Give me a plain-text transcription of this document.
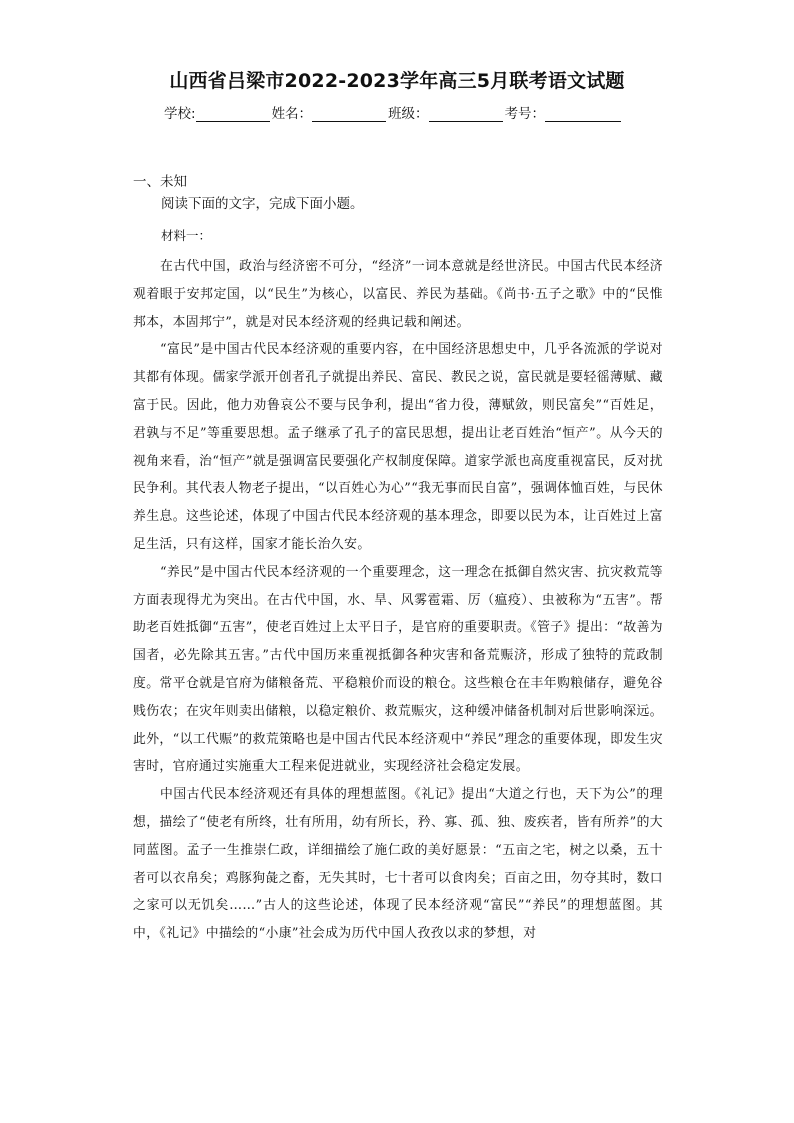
山西省吕梁市2022-2023学年高三5月联考语文试题
学校:	姓名：	班级：	考号：
一、未知
阅读下面的文字，完成下面小题。
材料一：

在古代中国，政治与经济密不可分，“经济”一词本意就是经世济民。中国古代民本经济观着眼于安邦定国，以“民生”为核心，以富民、养民为基础。《尚书·五子之歌》中的“民惟邦本，本固邦宁”，就是对民本经济观的经典记载和阐述。

“富民”是中国古代民本经济观的重要内容，在中国经济思想史中，几乎各流派的学说对其都有体现。儒家学派开创者孔子就提出养民、富民、教民之说，富民就是要轻徭薄赋、藏富于民。因此，他力劝鲁哀公不要与民争利，提出“省力役，薄赋敛，则民富矣”“百姓足，君孰与不足”等重要思想。孟子继承了孔子的富民思想，提出让老百姓治“恒产”。从今天的视角来看，治“恒产”就是强调富民要强化产权制度保障。道家学派也高度重视富民，反对扰民争利。其代表人物老子提出，“以百姓心为心”“我无事而民自富”，强调体恤百姓，与民休养生息。这些论述，体现了中国古代民本经济观的基本理念，即要以民为本，让百姓过上富足生活，只有这样，国家才能长治久安。

“养民”是中国古代民本经济观的一个重要理念，这一理念在抵御自然灾害、抗灾救荒等方面表现得尤为突出。在古代中国，水、旱、风雾雹霜、厉（瘟疫）、虫被称为“五害”。帮助老百姓抵御“五害”，使老百姓过上太平日子，是官府的重要职责。《管子》提出：“故善为国者，必先除其五害。”古代中国历来重视抵御各种灾害和备荒赈济，形成了独特的荒政制度。常平仓就是官府为储粮备荒、平稳粮价而设的粮仓。这些粮仓在丰年购粮储存，避免谷贱伤农；在灾年则卖出储粮，以稳定粮价、救荒赈灾，这种缓冲储备机制对后世影响深远。此外，“以工代赈”的救荒策略也是中国古代民本经济观中“养民”理念的重要体现，即发生灾害时，官府通过实施重大工程来促进就业，实现经济社会稳定发展。

中国古代民本经济观还有具体的理想蓝图。《礼记》提出“大道之行也，天下为公”的理想，描绘了“使老有所终，壮有所用，幼有所长，矜、寡、孤、独、废疾者，皆有所养”的大同蓝图。孟子一生推崇仁政，详细描绘了施仁政的美好愿景：“五亩之宅，树之以桑，五十者可以衣帛矣；鸡豚狗彘之畜，无失其时，七十者可以食肉矣；百亩之田，勿夺其时，数口之家可以无饥矣……”古人的这些论述，体现了民本经济观“富民”“养民”的理想蓝图。其中，《礼记》中描绘的“小康”社会成为历代中国人孜孜以求的梦想，对
